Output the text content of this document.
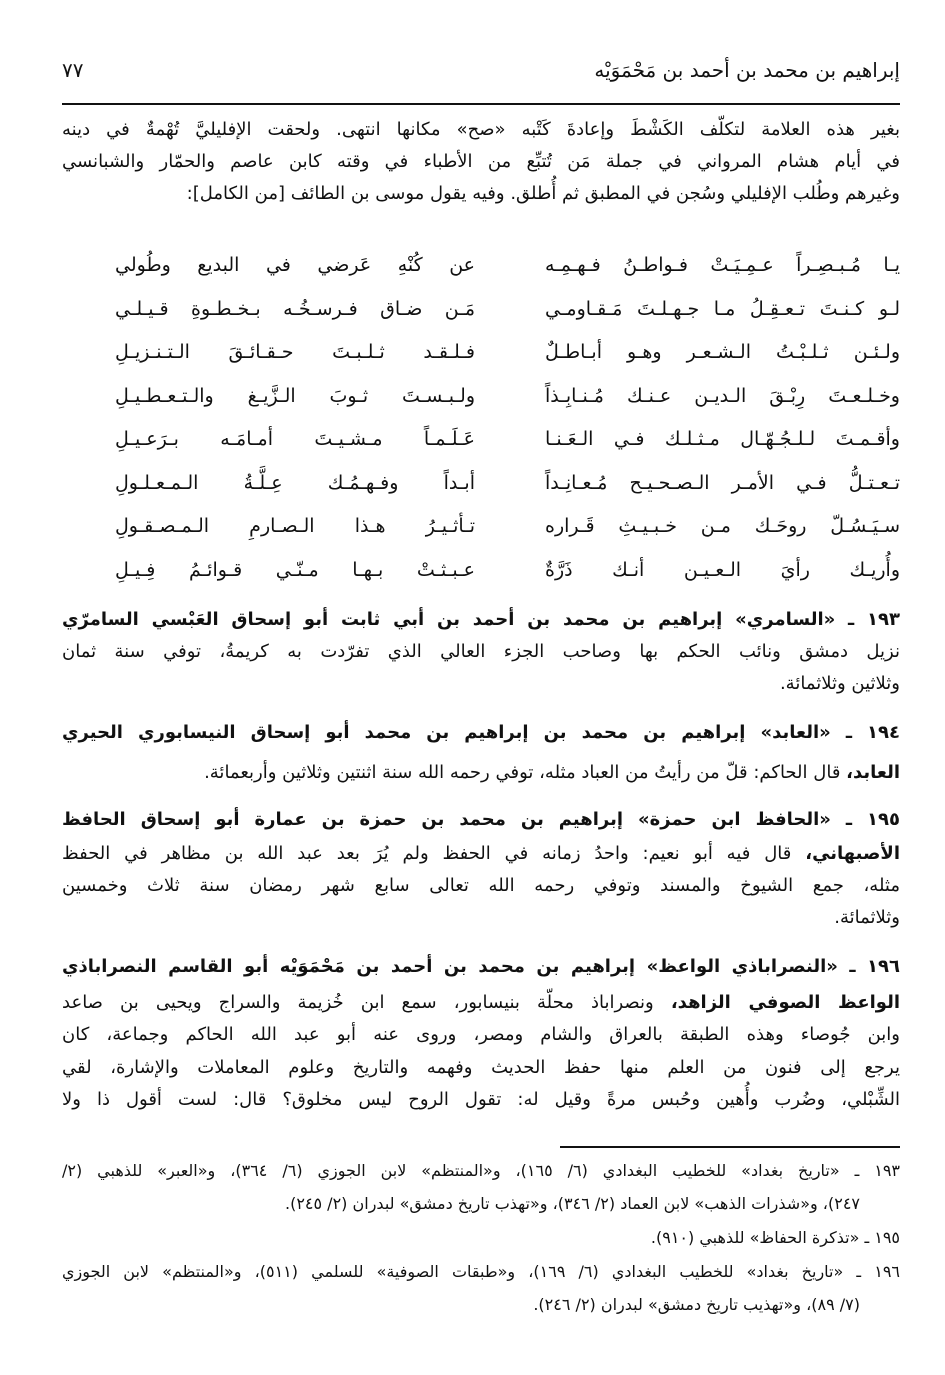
إبراهيم بن محمد بن أحمد بن مَحْمَوَيْه
٧٧
بغير هذه العلامة لتكلّف الكَشْطَ وإعادةَ كَتْبه «صح» مكانها انتهى. ولحقت الإفليليَّ تُهْمةٌ في دينه
في أيام هشام المرواني في جملة مَن تُتبِّع من الأطباء في وقته كابن عاصم والحمّار والشبانسي
وغيرهم وطُلب الإفليلي وسُجن في المطبق ثم أُطلق. وفيه يقول موسى بن الطائف [من الكامل]:
يـا مُـبـصِـراً عـمِـيَـتْ فـواطـنُ فـهـمِـه
عن كُنْهِ عَرضي في البديع وطُولي
لـو كـنـتَ تـعـقِـلُ مـا جـهـلـتَ مَـقـاومـي
مَـن ضـاق فـرسـخُـه بـخـطـوةِ قـيـلـي
ولـئـن ثـلـبْـتُ الـشـعـر وهـو أبـاطـلٌ
فـلـقـد ثـلـبـتَ حـقـائـقَ الـتـنـزيـلِ
وخـلـعـتَ رِبْـقَ الـديـن عـنـك مُـنـابِـذاً
ولـبـسـتَ ثـوبَ الـزَّيـغ والـتـعـطـيـلِ
وأقـمـتَ لـلـجُـهّـال مـثـلـك فـي الـعَـنـا
عَـلَـمـاً مـشـيـتَ أمـامَـه بـرَعـيـلِ
تـعـتـلُّ فـي الأمـر الـصـحـيـح مُـعـانِـداً
أبـداً وفـهـمُـك عِـلَّـةُ الـمـعـلـولِ
سـيَـسُـلّ روحَـك مـن خـبـيـثِ قَـراره
تـأثـيـرُ هـذا الـصـارمِ الـمـصـقـولِ
وأُريـك رأيَ الـعـيـن أنـك ذَرَّةٌ
عـبـثـتْ بـهـا مـنّـي قـوائـمُ فِـيـلِ
١٩٣ ـ «السامري» إبراهيم بن محمد بن أحمد بن أبي ثابت أبو إسحاق العَبْسي السامرّي
نزيل دمشق ونائب الحكم بها وصاحب الجزء العالي الذي تفرّدت به كريمةُ، توفي سنة ثمان
وثلاثين وثلاثمائة.
١٩٤ ـ «العابد» إبراهيم بن محمد بن إبراهيم بن محمد أبو إسحاق النيسابوري الحيري
العابد، قال الحاكم: قلّ من رأيتُ من العباد مثله، توفي رحمه الله سنة اثنتين وثلاثين وأربعمائة.
١٩٥ ـ «الحافظ ابن حمزة» إبراهيم بن محمد بن حمزة بن عمارة أبو إسحاق الحافظ
الأصبهاني، قال فيه أبو نعيم: واحدُ زمانه في الحفظ ولم يُرَ بعد عبد الله بن مظاهر في الحفظ
مثله، جمع الشيوخ والمسند وتوفي رحمه الله تعالى سابع شهر رمضان سنة ثلاث وخمسين
وثلاثمائة.
١٩٦ ـ «النصراباذي الواعظ» إبراهيم بن محمد بن أحمد بن مَحْمَوَيْه أبو القاسم النصراباذي
الواعظ الصوفي الزاهد، ونصراباذ محلّة بنيسابور، سمع ابن خُزيمة والسراج ويحيى بن صاعد
وابن جُوصاء وهذه الطبقة بالعراق والشام ومصر، وروى عنه أبو عبد الله الحاكم وجماعة، كان
يرجع إلى فنون من العلم منها حفظ الحديث وفهمه والتاريخ وعلوم المعاملات والإشارة، لقي
الشِّبْلي، وضُرب وأُهين وحُبس مرةً وقيل له: تقول الروح ليس مخلوق؟ قال: لست أقول ذا ولا
١٩٣ ـ «تاريخ بغداد» للخطيب البغدادي (٦/ ١٦٥)، و«المنتظم» لابن الجوزي (٦/ ٣٦٤)، و«العبر» للذهبي (٢/
٢٤٧)، و«شذرات الذهب» لابن العماد (٢/ ٣٤٦)، و«تهذب تاريخ دمشق» لبدران (٢/ ٢٤٥).
١٩٥ ـ «تذكرة الحفاظ» للذهبي (٩١٠).
١٩٦ ـ «تاريخ بغداد» للخطيب البغدادي (٦/ ١٦٩)، و«طبقات الصوفية» للسلمي (٥١١)، و«المنتظم» لابن الجوزي
(٧/ ٨٩)، و«تهذيب تاريخ دمشق» لبدران (٢/ ٢٤٦).
